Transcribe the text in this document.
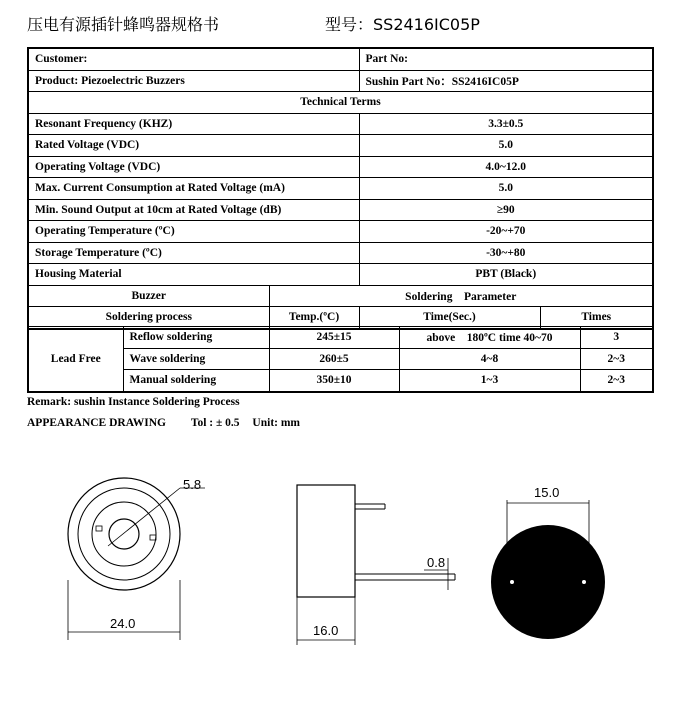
压电有源插针蜂鸣器规格书	型号：SS2416IC05P
Customer:		Part No:	
Product: Piezoelectric Buzzers		Sushin Part No：SS2416IC05P	
Technical Terms			
Resonant Frequency (KHZ)		3.3±0.5	
Rated Voltage (VDC)		5.0	
Operating Voltage (VDC)		4.0~12.0	
Max. Current Consumption at Rated Voltage (mA)		5.0	
Min. Sound Output at 10cm at Rated Voltage (dB)		≥90	
Operating Temperature (ºC)		-20~+70	
Storage Temperature (ºC)		-30~+80	
Housing Material		PBT (Black)	
Buzzer	Soldering　Parameter		
Soldering process	Temp.(ºC)	Time(Sec.)	Times
Lead Free	Reflow soldering	245±15	above　180ºC time 40~70	3
	Wave soldering	260±5	4~8	2~3
	Manual soldering	350±10	1~3	2~3
Remark: sushin Instance Soldering Process
APPEARANCE DRAWING Tol : ± 0.5 Unit: mm
5.8
24.0	16.0
0.8
15.0
